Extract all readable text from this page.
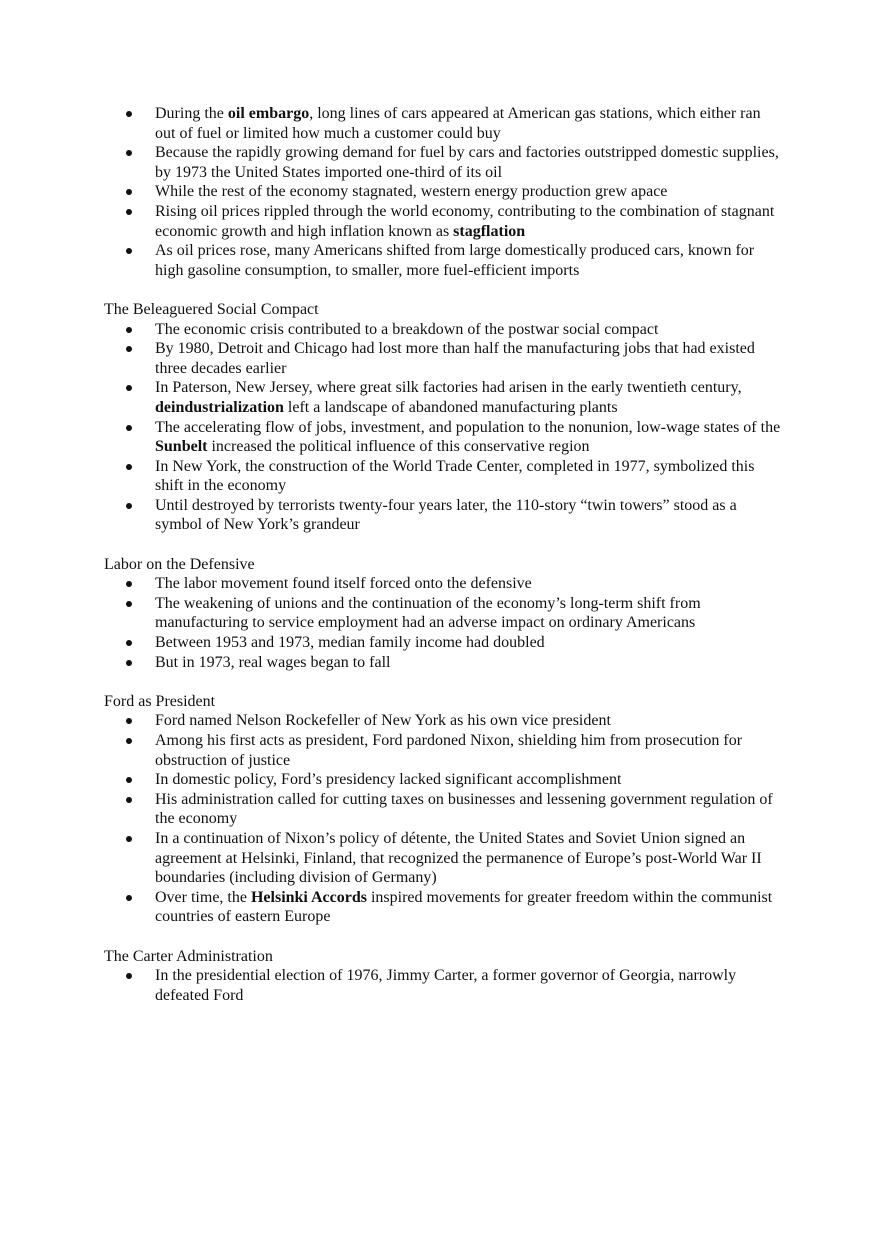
During the oil embargo, long lines of cars appeared at American gas stations, which either ran out of fuel or limited how much a customer could buy
Because the rapidly growing demand for fuel by cars and factories outstripped domestic supplies, by 1973 the United States imported one-third of its oil
While the rest of the economy stagnated, western energy production grew apace
Rising oil prices rippled through the world economy, contributing to the combination of stagnant economic growth and high inflation known as stagflation
As oil prices rose, many Americans shifted from large domestically produced cars, known for high gasoline consumption, to smaller, more fuel-efficient imports
The Beleaguered Social Compact
The economic crisis contributed to a breakdown of the postwar social compact
By 1980, Detroit and Chicago had lost more than half the manufacturing jobs that had existed three decades earlier
In Paterson, New Jersey, where great silk factories had arisen in the early twentieth century, deindustrialization left a landscape of abandoned manufacturing plants
The accelerating flow of jobs, investment, and population to the nonunion, low-wage states of the Sunbelt increased the political influence of this conservative region
In New York, the construction of the World Trade Center, completed in 1977, symbolized this shift in the economy
Until destroyed by terrorists twenty-four years later, the 110-story “twin towers” stood as a symbol of New York’s grandeur
Labor on the Defensive
The labor movement found itself forced onto the defensive
The weakening of unions and the continuation of the economy’s long-term shift from manufacturing to service employment had an adverse impact on ordinary Americans
Between 1953 and 1973, median family income had doubled
But in 1973, real wages began to fall
Ford as President
Ford named Nelson Rockefeller of New York as his own vice president
Among his first acts as president, Ford pardoned Nixon, shielding him from prosecution for obstruction of justice
In domestic policy, Ford’s presidency lacked significant accomplishment
His administration called for cutting taxes on businesses and lessening government regulation of the economy
In a continuation of Nixon’s policy of détente, the United States and Soviet Union signed an agreement at Helsinki, Finland, that recognized the permanence of Europe’s post-World War II boundaries (including division of Germany)
Over time, the Helsinki Accords inspired movements for greater freedom within the communist countries of eastern Europe
The Carter Administration
In the presidential election of 1976, Jimmy Carter, a former governor of Georgia, narrowly defeated Ford
